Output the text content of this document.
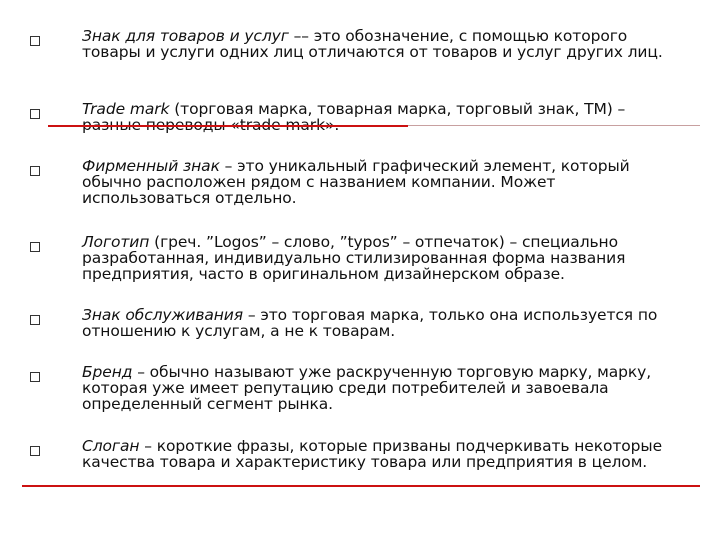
Знак для товаров и услуг –– это обозначение, с помощью которого товары и услуги одних лиц отличаются от товаров и услуг других лиц.
Trade mark (торговая марка, товарная марка, торговый знак, ТМ) – разные переводы «trade mark».
Фирменный знак – это уникальный графический элемент, который обычно расположен рядом с названием компании. Может использоваться отдельно.
Логотип (греч. ”Logos” – слово, ”typos” – отпечаток) – специально разработанная, индивидуально стилизированная форма названия предприятия, часто в оригинальном дизайнерском образе.
Знак обслуживания – это торговая марка, только она используется по отношению к услугам, а не к товарам.
Бренд – обычно называют уже раскрученную торговую марку, марку, которая уже имеет репутацию среди потребителей и завоевала определенный сегмент рынка.
Слоган – короткие фразы, которые призваны подчеркивать некоторые качества товара и характеристику товара или предприятия в целом.
